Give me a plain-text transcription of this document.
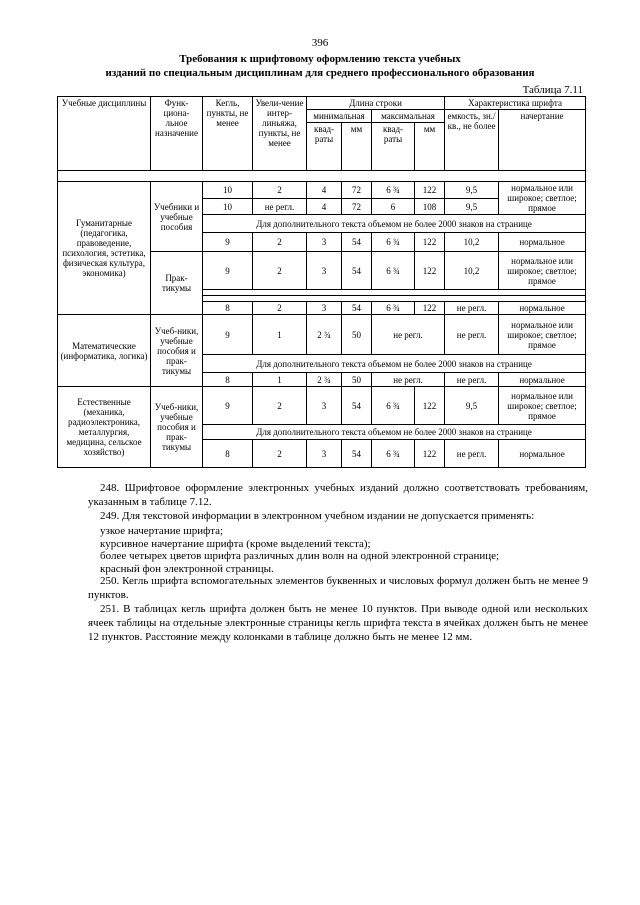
396
Требования к шрифтовому оформлению текста учебных
изданий по специальным дисциплинам для среднего профессионального образования
Таблица 7.11
Учебные дисциплины	Функ-циона-льное назначение	Кегль, пункты, не менее	Увели-чение интер-линьяжа, пункты, не менее	Длина строки				Характеристика шрифта	
				минимальная		максимальная		емкость, зн./кв., не более	начертание
				квад-раты	мм	квад-раты	мм		

Гуманитарные (педагогика, правоведение, психология, эстетика, физическая культура, экономика)	Учебники и учебные пособия	10	2	4	72	6 ¾	122	9,5	нормальное или широкое; светлое; прямое
		10	не регл.	4	72	6	108	9,5	
		Для дополнительного текста объемом не более 2000 знаков на странице							
		9	2	3	54	6 ¾	122	10,2	нормальное
	Прак-тикумы	9	2	3	54	6 ¾	122	10,2	нормальное или широкое; светлое; прямое

		8	2	3	54	6 ¾	122	не регл.	нормальное
Математические (информатика, логика)	Учеб-ники, учебные пособия и прак-тикумы	9	1	2 ¾	50	не регл.		не регл.	нормальное или широкое; светлое; прямое
		Для дополнительного текста объемом не более 2000 знаков на странице							
		8	1	2 ¾	50	не регл.		не регл.	нормальное
Естественные (механика, радиоэлектроника, металлургия, медицина, сельское хозяйство)	Учеб-ники, учебные пособия и прак-тикумы	9	2	3	54	6 ¾	122	9,5	нормальное или широкое; светлое; прямое
		Для дополнительного текста объемом не более 2000 знаков на странице							
		8	2	3	54	6 ¾	122	не регл.	нормальное
248. Шрифтовое оформление электронных учебных изданий должно соответствовать требованиям, указанным в таблице 7.12.
249. Для текстовой информации в электронном учебном издании не допускается применять:
узкое начертание шрифта;
курсивное начертание шрифта (кроме выделений текста);
более четырех цветов шрифта различных длин волн на одной электронной странице;
красный фон электронной страницы.
250. Кегль шрифта вспомогательных элементов буквенных и числовых формул должен быть не менее 9 пунктов.
251. В таблицах кегль шрифта должен быть не менее 10 пунктов. При выводе одной или нескольких ячеек таблицы на отдельные электронные страницы кегль шрифта текста в ячейках должен быть не менее 12 пунктов. Расстояние между колонками в таблице должно быть не менее 12 мм.
